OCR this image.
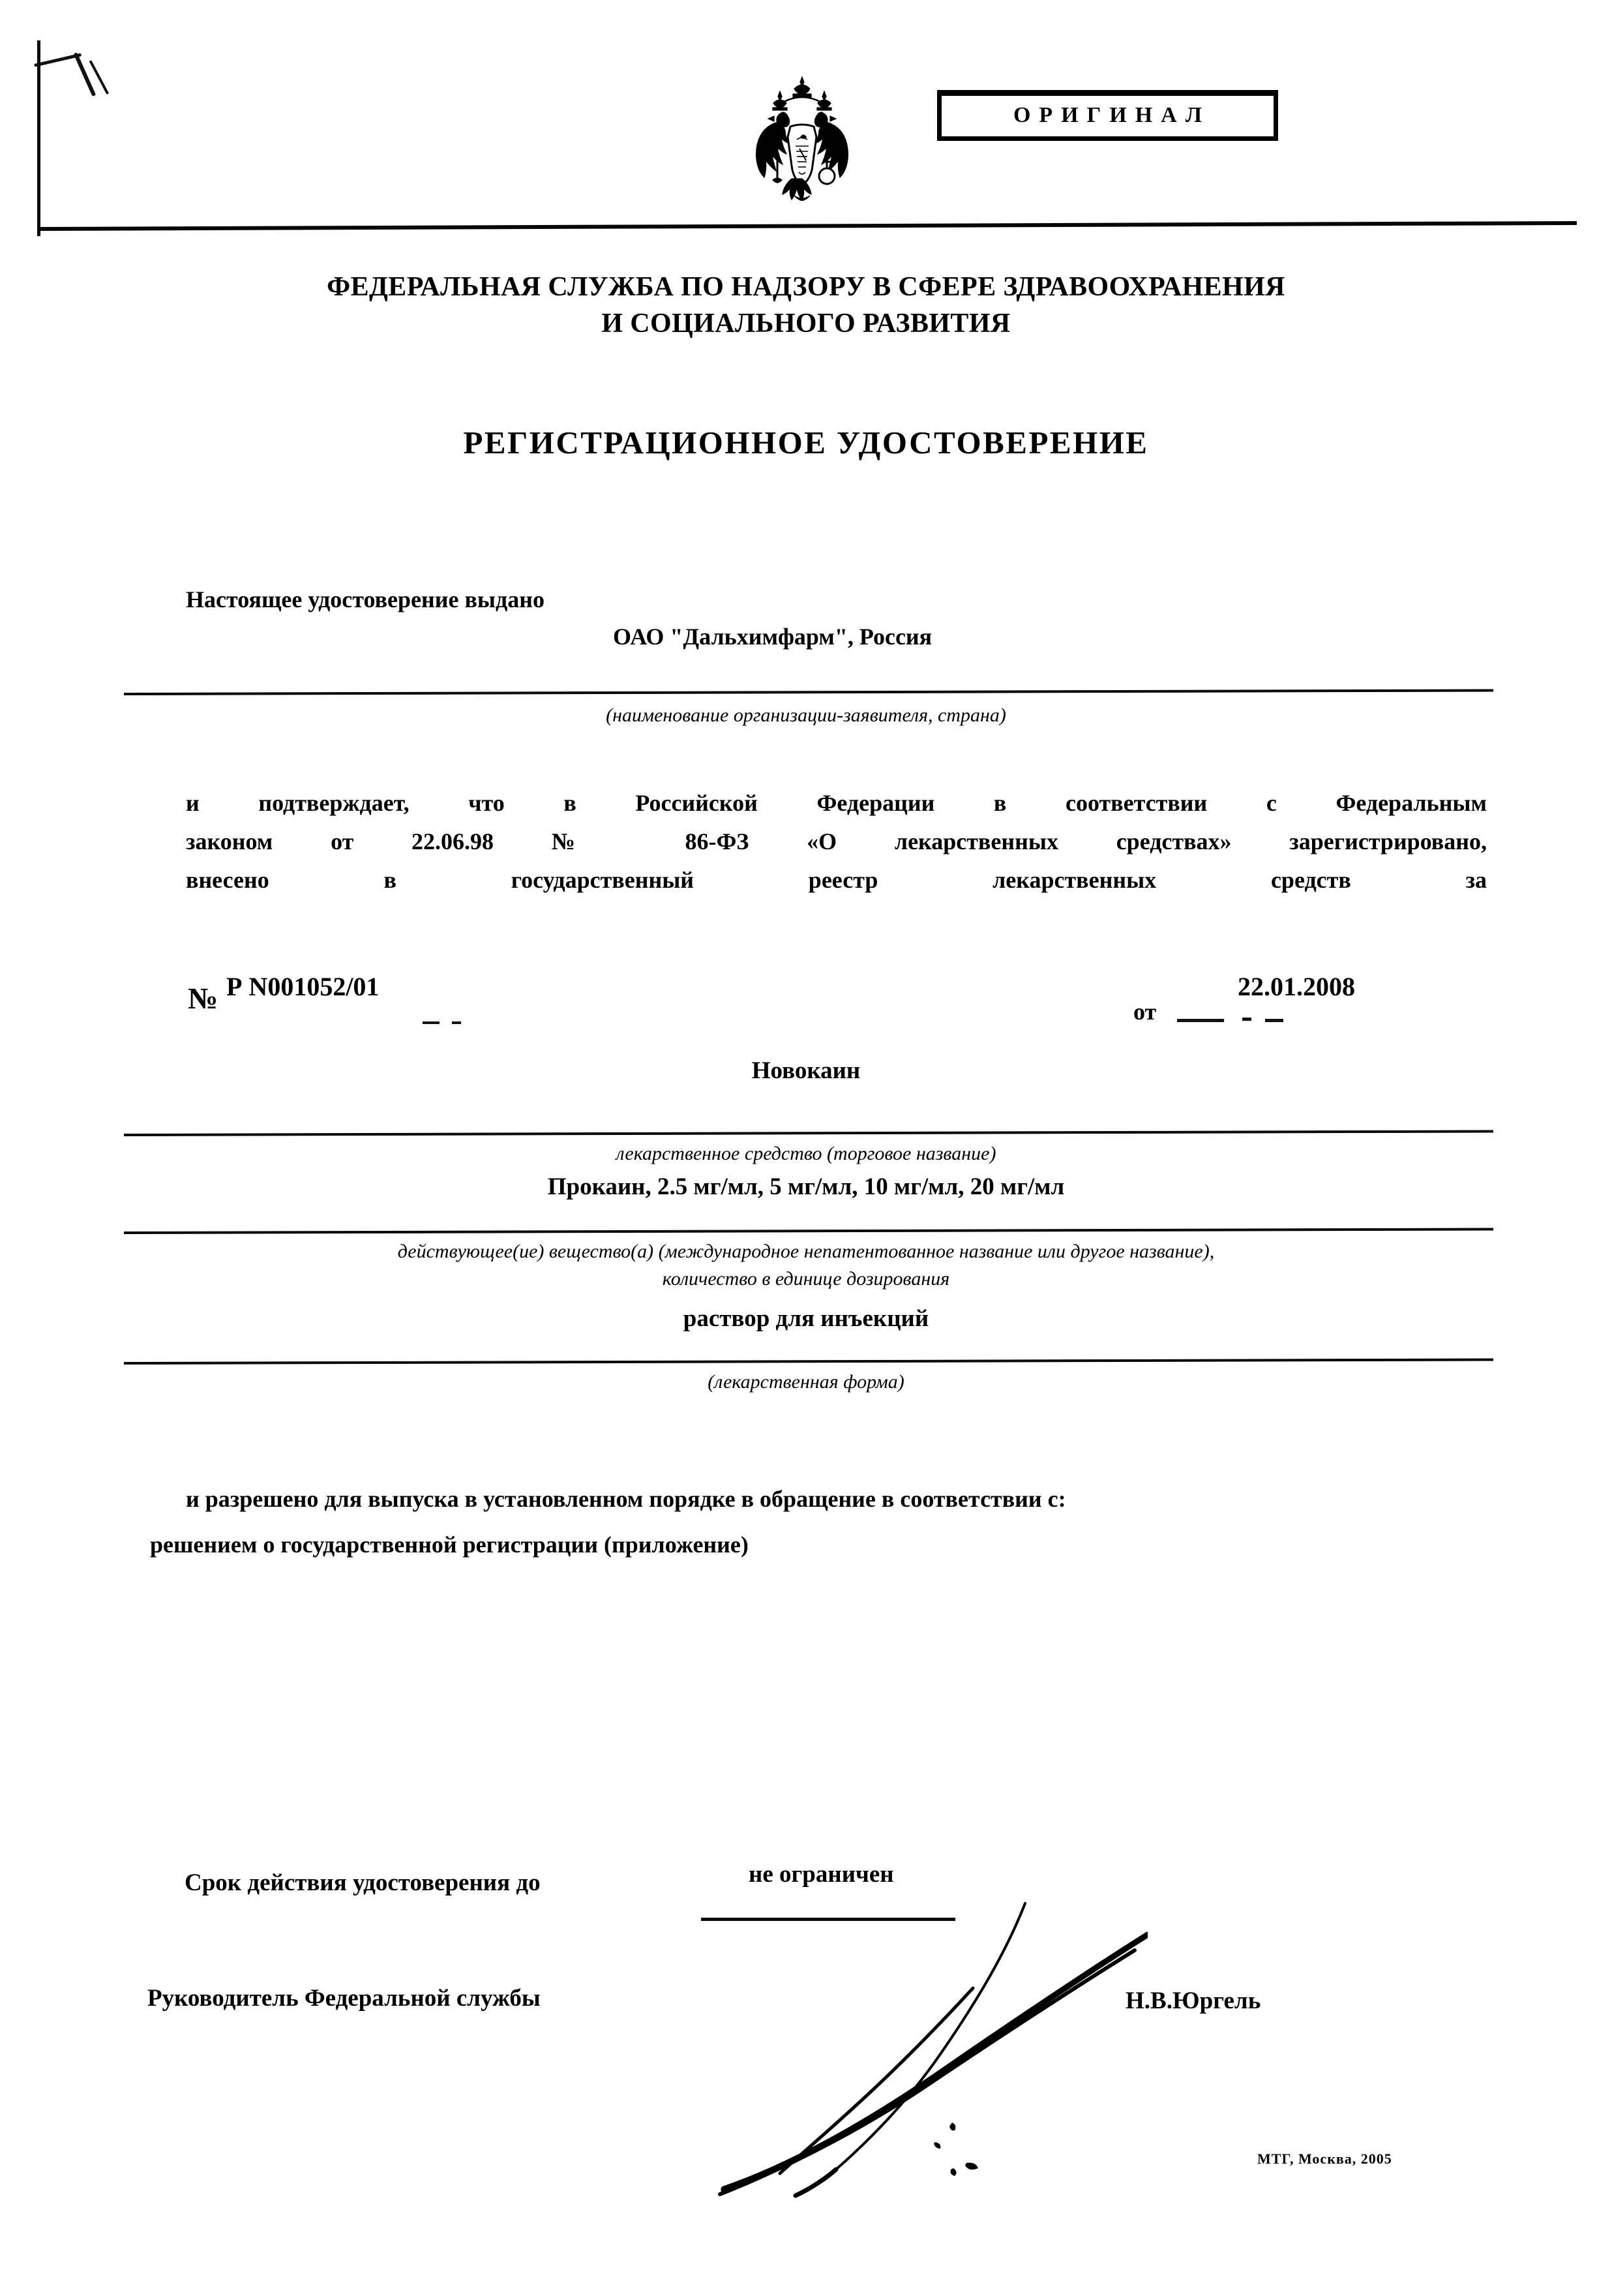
ОРИГИНАЛ
ФЕДЕРАЛЬНАЯ СЛУЖБА ПО НАДЗОРУ В СФЕРЕ ЗДРАВООХРАНЕНИЯ
И СОЦИАЛЬНОГО РАЗВИТИЯ
РЕГИСТРАЦИОННОЕ УДОСТОВЕРЕНИЕ
Настоящее удостоверение выдано
ОАО "Дальхимфарм", Россия
(наименование организации-заявителя, страна)
и подтверждает, что в Российской Федерации в соответствии с Федеральным
законом от 22.06.98 № 86-ФЗ «О лекарственных средствах» зарегистрировано,
внесено в государственный реестр лекарственных средств за
№ Р N001052/01
от
22.01.2008
Новокаин
лекарственное средство (торговое название)
Прокаин, 2.5 мг/мл, 5 мг/мл, 10 мг/мл, 20 мг/мл
действующее(ие) вещество(а) (международное непатентованное название или другое название),
количество в единице дозирования
раствор для инъекций
(лекарственная форма)
и разрешено для выпуска в установленном порядке в обращение в соответствии с:
решением о государственной регистрации (приложение)
Срок действия удостоверения до	не ограничен
Руководитель Федеральной службы	Н.В.Юргель
МТГ, Москва, 2005
